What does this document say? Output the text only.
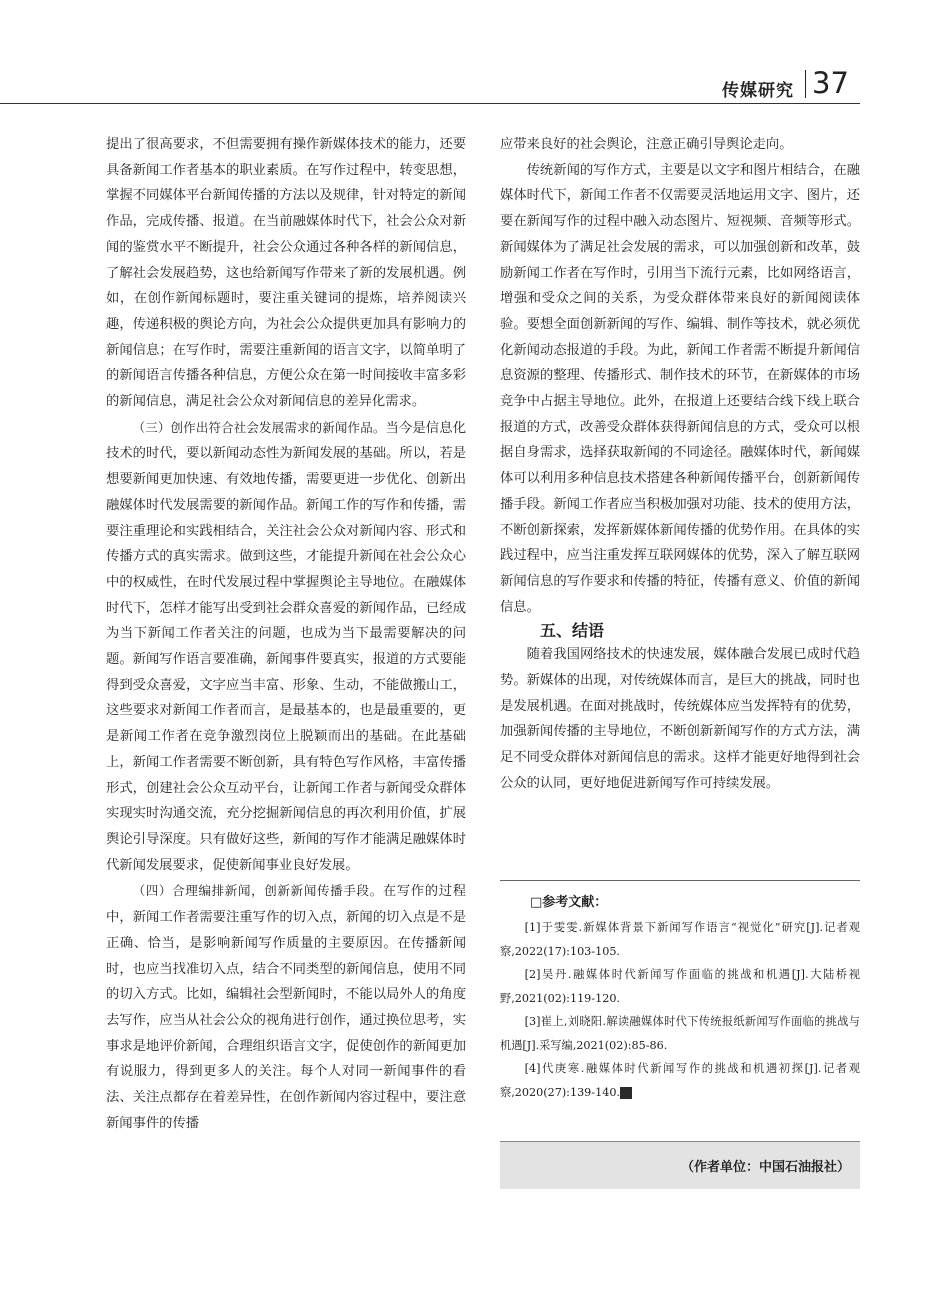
传媒研究 37

提出了很高要求，不但需要拥有操作新媒体技术的能力，还要具备新闻工作者基本的职业素质。在写作过程中，转变思想，掌握不同媒体平台新闻传播的方法以及规律，针对特定的新闻作品，完成传播、报道。在当前融媒体时代下，社会公众对新闻的鉴赏水平不断提升，社会公众通过各种各样的新闻信息，了解社会发展趋势，这也给新闻写作带来了新的发展机遇。例如，在创作新闻标题时，要注重关键词的提炼，培养阅读兴趣，传递积极的舆论方向，为社会公众提供更加具有影响力的新闻信息；在写作时，需要注重新闻的语言文字，以简单明了的新闻语言传播各种信息，方便公众在第一时间接收丰富多彩的新闻信息，满足社会公众对新闻信息的差异化需求。

（三）创作出符合社会发展需求的新闻作品。当今是信息化技术的时代，要以新闻动态性为新闻发展的基础。所以，若是想要新闻更加快速、有效地传播，需要更进一步优化、创新出融媒体时代发展需要的新闻作品。新闻工作的写作和传播，需要注重理论和实践相结合，关注社会公众对新闻内容、形式和传播方式的真实需求。做到这些，才能提升新闻在社会公众心中的权威性，在时代发展过程中掌握舆论主导地位。在融媒体时代下，怎样才能写出受到社会群众喜爱的新闻作品，已经成为当下新闻工作者关注的问题，也成为当下最需要解决的问题。新闻写作语言要准确，新闻事件要真实，报道的方式要能得到受众喜爱，文字应当丰富、形象、生动，不能做搬山工，这些要求对新闻工作者而言，是最基本的，也是最重要的，更是新闻工作者在竞争激烈岗位上脱颖而出的基础。在此基础上，新闻工作者需要不断创新，具有特色写作风格，丰富传播形式，创建社会公众互动平台，让新闻工作者与新闻受众群体实现实时沟通交流，充分挖掘新闻信息的再次利用价值，扩展舆论引导深度。只有做好这些，新闻的写作才能满足融媒体时代新闻发展要求，促使新闻事业良好发展。

（四）合理编排新闻，创新新闻传播手段。在写作的过程中，新闻工作者需要注重写作的切入点，新闻的切入点是不是正确、恰当，是影响新闻写作质量的主要原因。在传播新闻时，也应当找准切入点，结合不同类型的新闻信息，使用不同的切入方式。比如，编辑社会型新闻时，不能以局外人的角度去写作，应当从社会公众的视角进行创作，通过换位思考，实事求是地评价新闻，合理组织语言文字，促使创作的新闻更加有说服力，得到更多人的关注。每个人对同一新闻事件的看法、关注点都存在着差异性，在创作新闻内容过程中，要注意新闻事件的传播

应带来良好的社会舆论，注意正确引导舆论走向。

传统新闻的写作方式，主要是以文字和图片相结合，在融媒体时代下，新闻工作者不仅需要灵活地运用文字、图片，还要在新闻写作的过程中融入动态图片、短视频、音频等形式。新闻媒体为了满足社会发展的需求，可以加强创新和改革，鼓励新闻工作者在写作时，引用当下流行元素，比如网络语言，增强和受众之间的关系，为受众群体带来良好的新闻阅读体验。要想全面创新新闻的写作、编辑、制作等技术，就必须优化新闻动态报道的手段。为此，新闻工作者需不断提升新闻信息资源的整理、传播形式、制作技术的环节，在新媒体的市场竞争中占据主导地位。此外，在报道上还要结合线下线上联合报道的方式，改善受众群体获得新闻信息的方式，受众可以根据自身需求，选择获取新闻的不同途径。融媒体时代，新闻媒体可以利用多种信息技术搭建各种新闻传播平台，创新新闻传播手段。新闻工作者应当积极加强对功能、技术的使用方法，不断创新探索，发挥新媒体新闻传播的优势作用。在具体的实践过程中，应当注重发挥互联网媒体的优势，深入了解互联网新闻信息的写作要求和传播的特征，传播有意义、价值的新闻信息。

五、结语

随着我国网络技术的快速发展，媒体融合发展已成时代趋势。新媒体的出现，对传统媒体而言，是巨大的挑战，同时也是发展机遇。在面对挑战时，传统媒体应当发挥特有的优势，加强新闻传播的主导地位，不断创新新闻写作的方式方法，满足不同受众群体对新闻信息的需求。这样才能更好地得到社会公众的认同，更好地促进新闻写作可持续发展。

□参考文献：

[1]于雯雯.新媒体背景下新闻写作语言“视觉化”研究[J].记者观察,2022(17):103-105.

[2]吴丹.融媒体时代新闻写作面临的挑战和机遇[J].大陆桥视野,2021(02):119-120.

[3]崔上,刘晓阳.解读融媒体时代下传统报纸新闻写作面临的挑战与机遇[J].采写编,2021(02):85-86.

[4]代庚寒.融媒体时代新闻写作的挑战和机遇初探[J].记者观察,2020(27):139-140.	C

（作者单位：中国石油报社）
